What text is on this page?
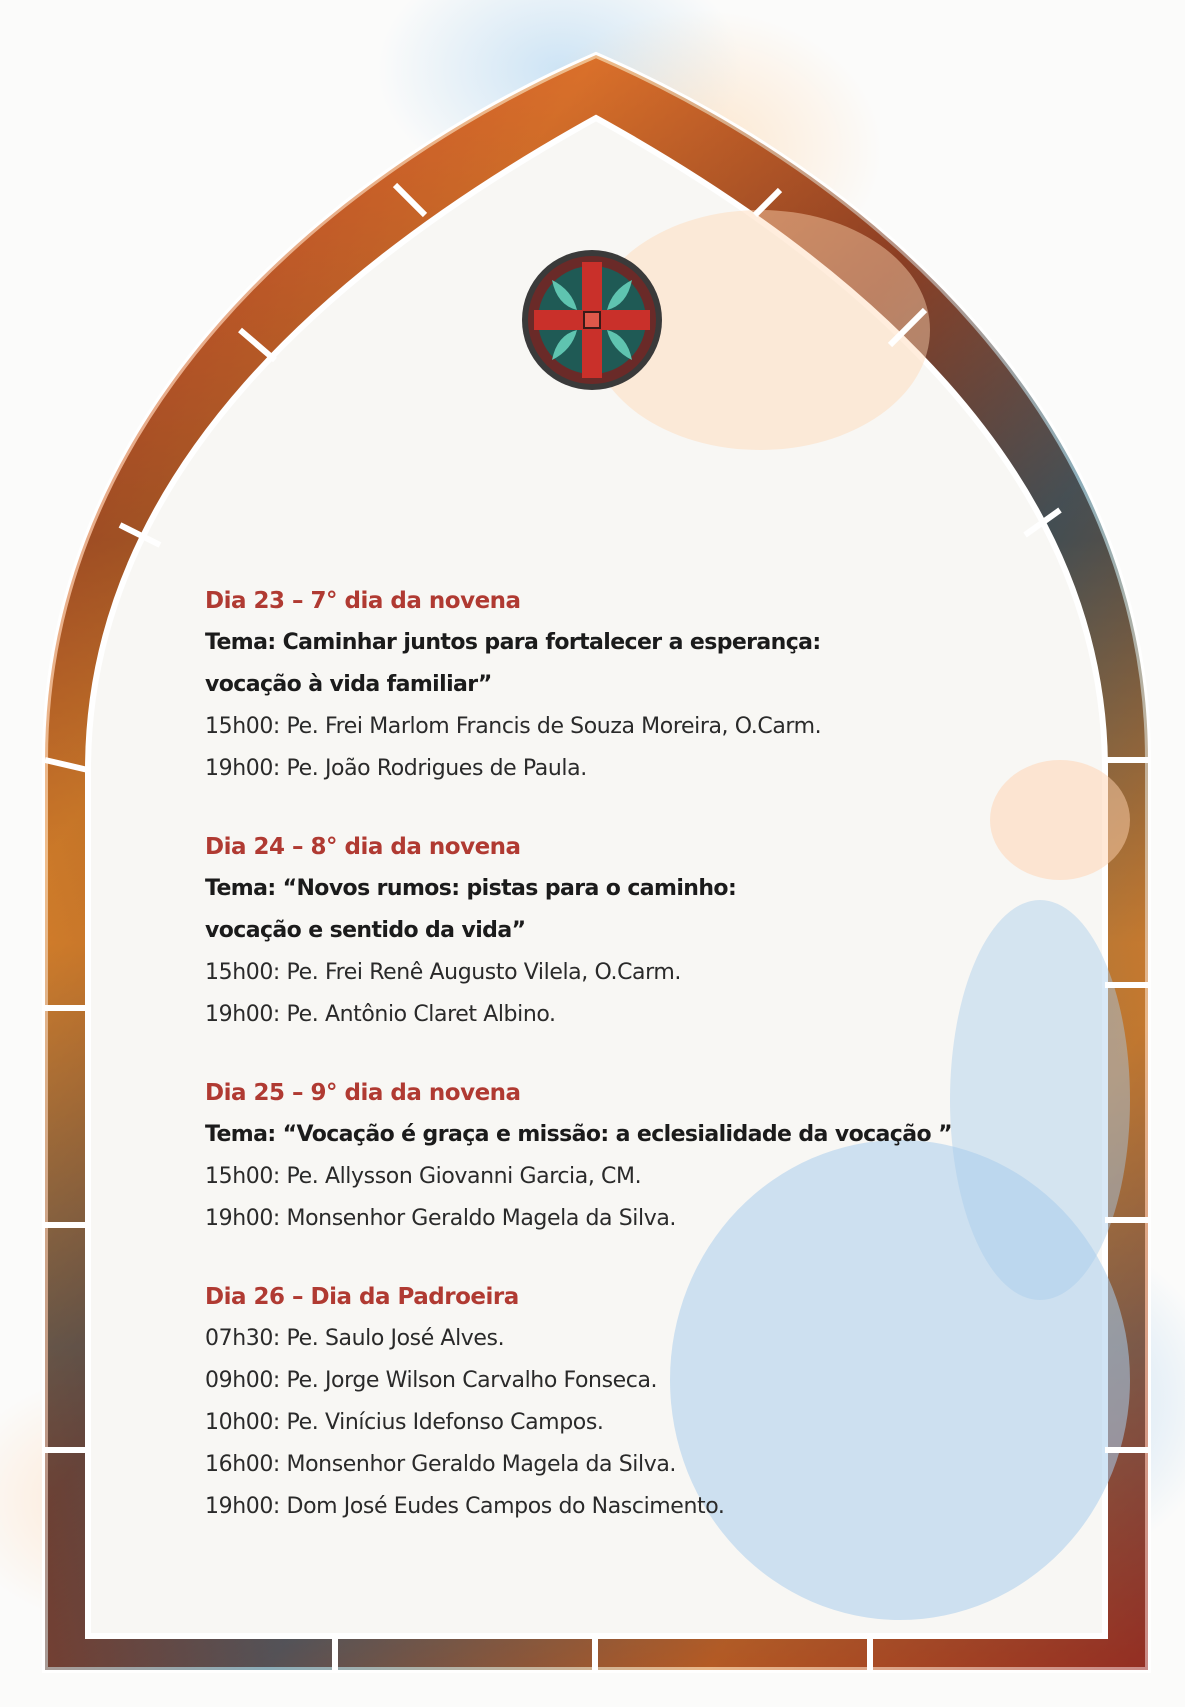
Dia 23 – 7° dia da novena
Tema: Caminhar juntos para fortalecer a esperança:
vocação à vida familiar”
15h00: Pe. Frei Marlom Francis de Souza Moreira, O.Carm.
19h00: Pe. João Rodrigues de Paula.
Dia 24 – 8° dia da novena
Tema: “Novos rumos: pistas para o caminho:
vocação e sentido da vida”
15h00: Pe. Frei Renê Augusto Vilela, O.Carm.
19h00: Pe. Antônio Claret Albino.
Dia 25 – 9° dia da novena
Tema: “Vocação é graça e missão: a eclesialidade da vocação ”
15h00: Pe. Allysson Giovanni Garcia, CM.
19h00: Monsenhor Geraldo Magela da Silva.
Dia 26 – Dia da Padroeira
07h30: Pe. Saulo José Alves.
09h00: Pe. Jorge Wilson Carvalho Fonseca.
10h00: Pe. Vinícius Idefonso Campos.
16h00: Monsenhor Geraldo Magela da Silva.
19h00: Dom José Eudes Campos do Nascimento.
